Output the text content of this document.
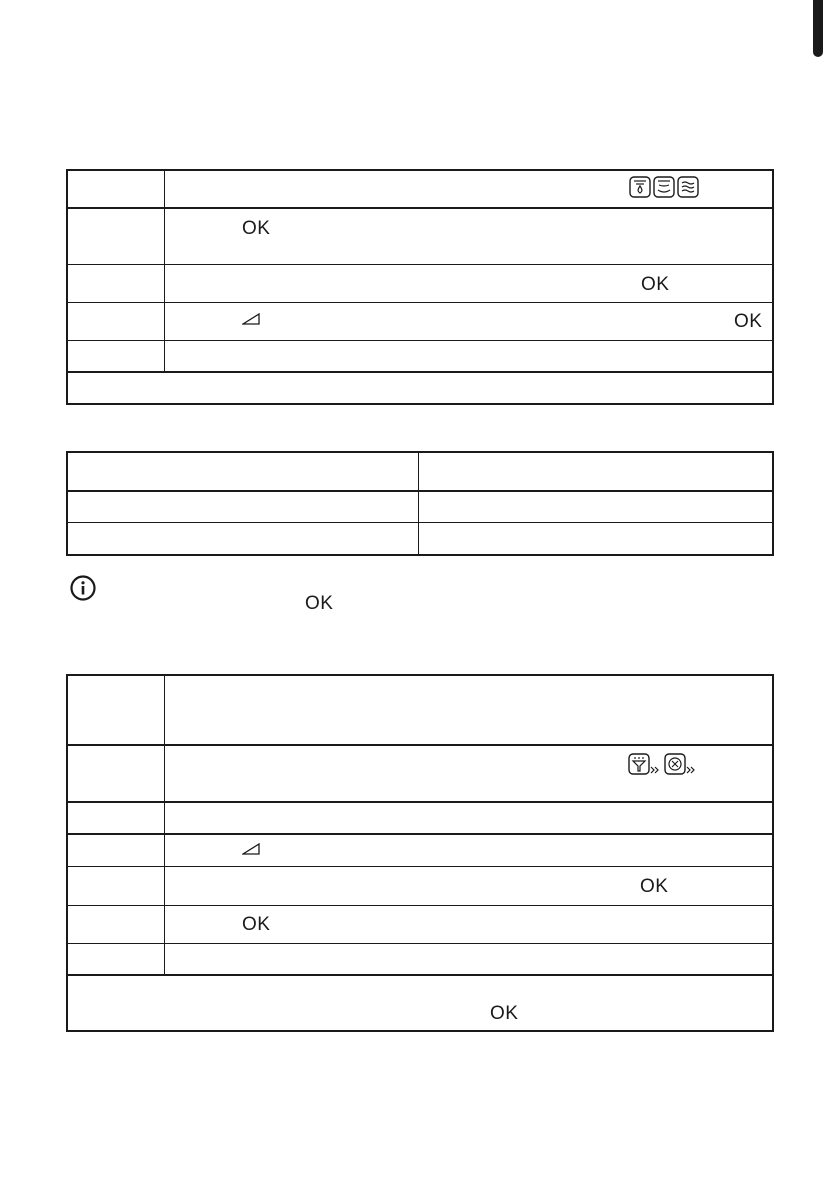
OK
OK
OK
OK
OK
OK
OK
